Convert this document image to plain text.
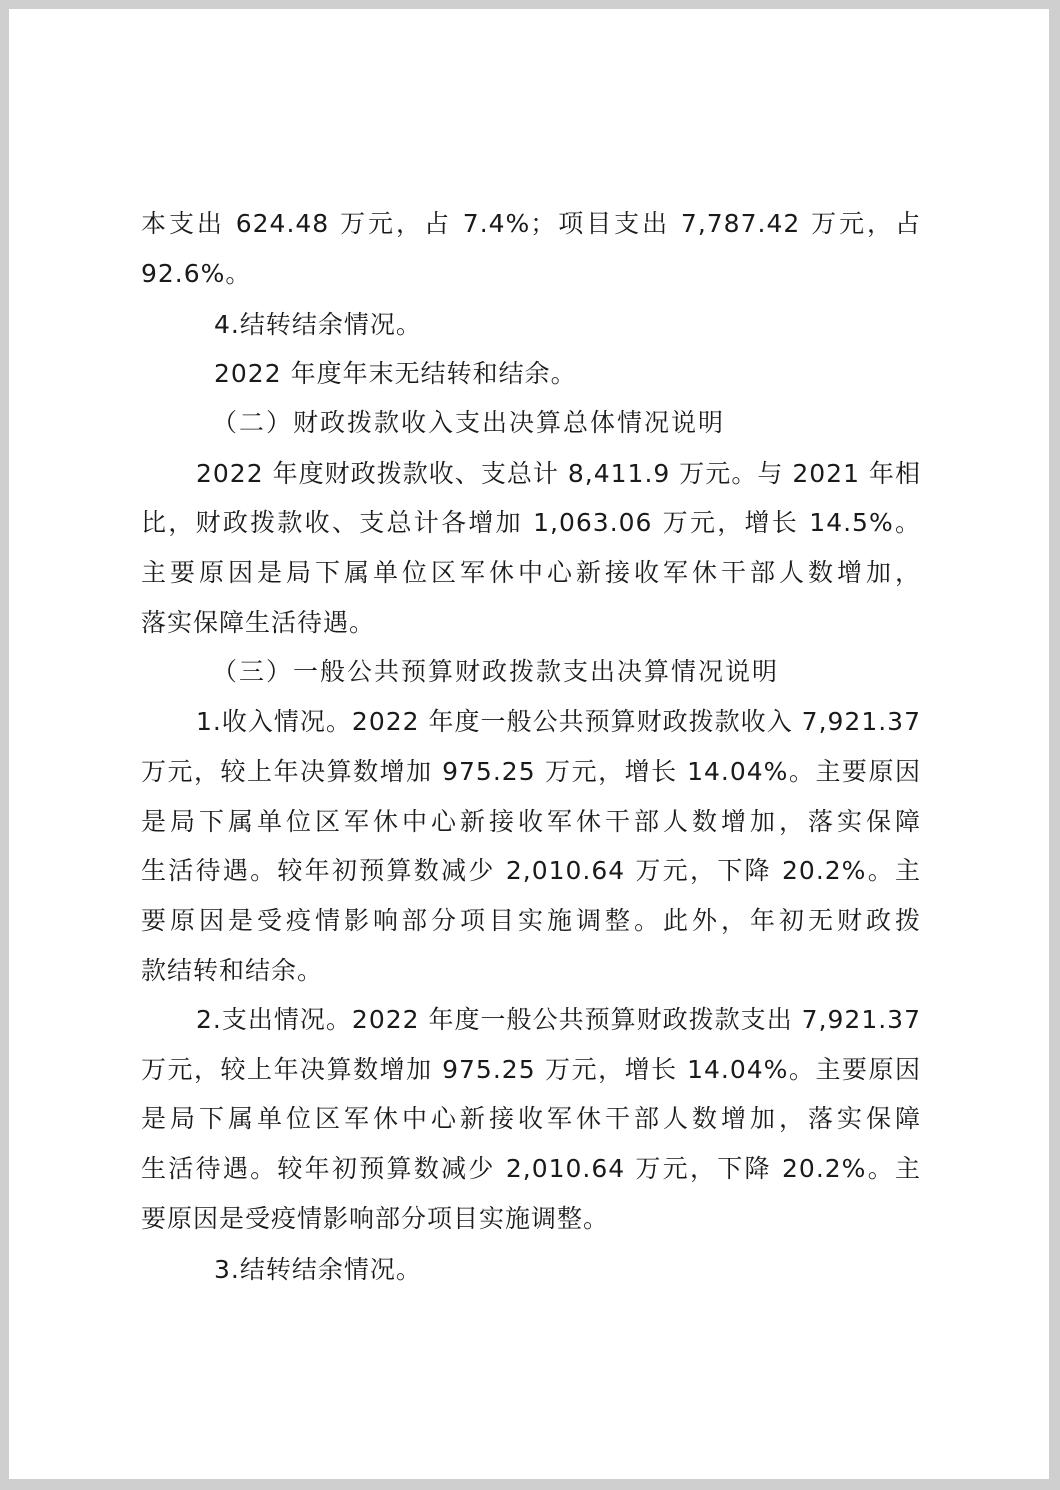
本支出 624.48 万元，占 7.4%；项目支出 7,787.42 万元，占
92.6%。
4.结转结余情况。
2022 年度年末无结转和结余。
（二）财政拨款收入支出决算总体情况说明
2022 年度财政拨款收、支总计 8,411.9 万元。与 2021 年相
比，财政拨款收、支总计各增加 1,063.06 万元，增长 14.5%。
主要原因是局下属单位区军休中心新接收军休干部人数增加，
落实保障生活待遇。
（三）一般公共预算财政拨款支出决算情况说明
1.收入情况。2022 年度一般公共预算财政拨款收入 7,921.37
万元，较上年决算数增加 975.25 万元，增长 14.04%。主要原因
是局下属单位区军休中心新接收军休干部人数增加，落实保障
生活待遇。较年初预算数减少 2,010.64 万元，下降 20.2%。主
要原因是受疫情影响部分项目实施调整。此外，年初无财政拨
款结转和结余。
2.支出情况。2022 年度一般公共预算财政拨款支出 7,921.37
万元，较上年决算数增加 975.25 万元，增长 14.04%。主要原因
是局下属单位区军休中心新接收军休干部人数增加，落实保障
生活待遇。较年初预算数减少 2,010.64 万元，下降 20.2%。主
要原因是受疫情影响部分项目实施调整。
3.结转结余情况。
